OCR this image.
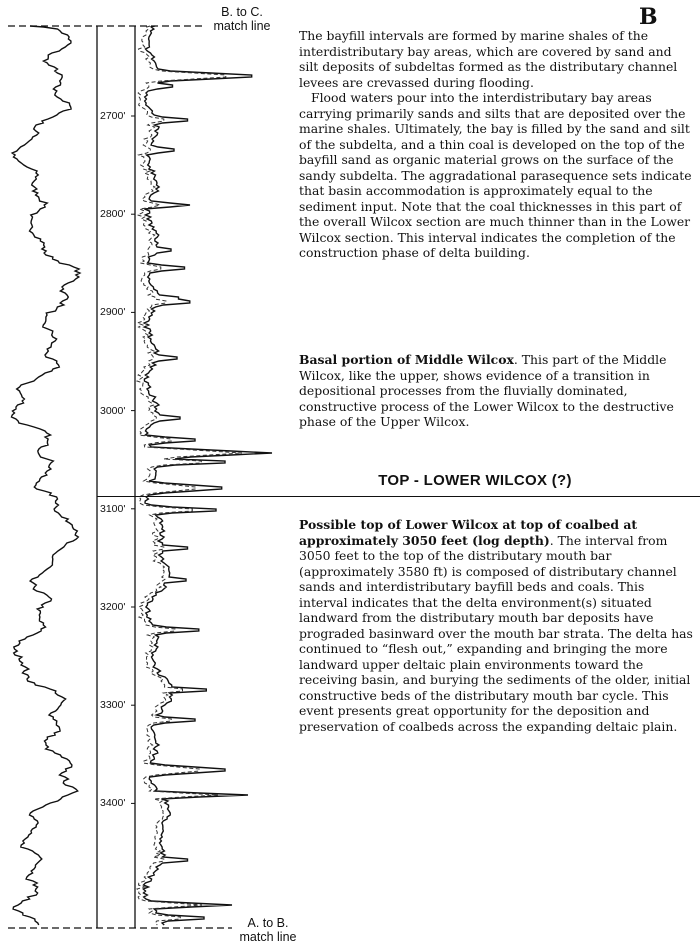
2700'
2800'
2900'
3000'
3100'
3200'
3300'
3400'
B. to C.
match line
A. to B.
match line
B

The bayfill intervals are formed by marine shales of the interdistributary bay areas, which are covered by sand and silt deposits of subdeltas formed as the distributary channel levees are crevassed during flooding.

Flood waters pour into the interdistributary bay areas carrying primarily sands and silts that are deposited over the marine shales. Ultimately, the bay is filled by the sand and silt of the subdelta, and a thin coal is developed on the top of the bayfill sand as organic material grows on the surface of the sandy subdelta. The aggradational parasequence sets indicate that basin accommodation is approximately equal to the sediment input. Note that the coal thicknesses in this part of the overall Wilcox section are much thinner than in the Lower Wilcox section. This interval indicates the completion of the construction phase of delta building.

Basal portion of Middle Wilcox. This part of the Middle Wilcox, like the upper, shows evidence of a transition in depositional processes from the fluvially dominated, constructive process of the Lower Wilcox to the destructive phase of the Upper Wilcox.

TOP - LOWER WILCOX (?)

Possible top of Lower Wilcox at top of coalbed at approximately 3050 feet (log depth). The interval from 3050 feet to the top of the distributary mouth bar (approximately 3580 ft) is composed of distributary channel sands and interdistributary bayfill beds and coals. This interval indicates that the delta environment(s) situated landward from the distributary mouth bar deposits have prograded basinward over the mouth bar strata. The delta has continued to “flesh out,” expanding and bringing the more landward upper deltaic plain environments toward the receiving basin, and burying the sediments of the older, initial constructive beds of the distributary mouth bar cycle. This event presents great opportunity for the deposition and preservation of coalbeds across the expanding deltaic plain.
